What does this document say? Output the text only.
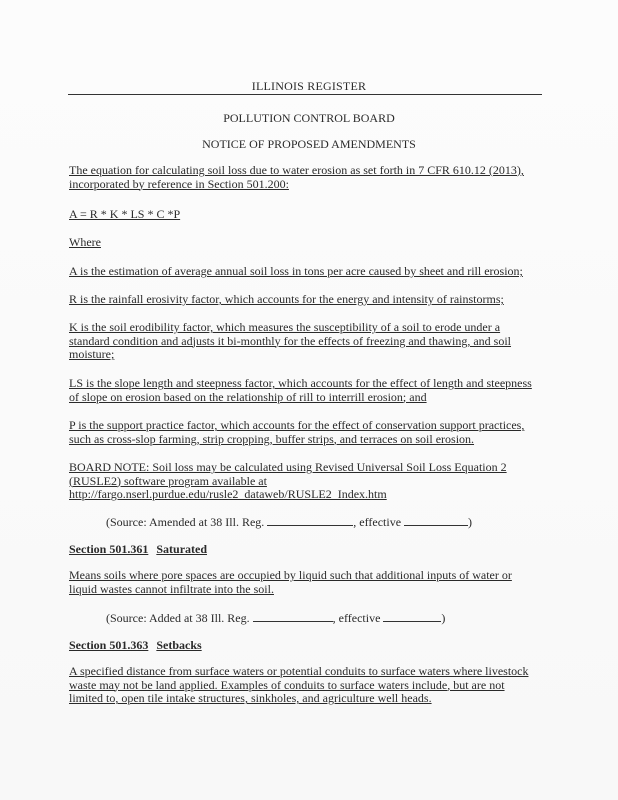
ILLINOIS REGISTER
POLLUTION CONTROL BOARD
NOTICE OF PROPOSED AMENDMENTS
The equation for calculating soil loss due to water erosion as set forth in 7 CFR 610.12 (2013), incorporated by reference in Section 501.200:
A = R * K * LS * C *P
Where
A is the estimation of average annual soil loss in tons per acre caused by sheet and rill erosion;
R is the rainfall erosivity factor, which accounts for the energy and intensity of rainstorms;
K is the soil erodibility factor, which measures the susceptibility of a soil to erode under a standard condition and adjusts it bi-monthly for the effects of freezing and thawing, and soil moisture;
LS is the slope length and steepness factor, which accounts for the effect of length and steepness of slope on erosion based on the relationship of rill to interrill erosion; and
P is the support practice factor, which accounts for the effect of conservation support practices, such as cross-slop farming, strip cropping, buffer strips, and terraces on soil erosion.
BOARD NOTE: Soil loss may be calculated using Revised Universal Soil Loss Equation 2
(RUSLE2) software program available at
http://fargo.nserl.purdue.edu/rusle2_dataweb/RUSLE2_Index.htm
(Source: Amended at 38 Ill. Reg.	, effective	)
Section 501.361 Saturated
Means soils where pore spaces are occupied by liquid such that additional inputs of water or liquid wastes cannot infiltrate into the soil.
(Source: Added at 38 Ill. Reg.	, effective	)
Section 501.363 Setbacks
A specified distance from surface waters or potential conduits to surface waters where livestock waste may not be land applied. Examples of conduits to surface waters include, but are not limited to, open tile intake structures, sinkholes, and agriculture well heads.
